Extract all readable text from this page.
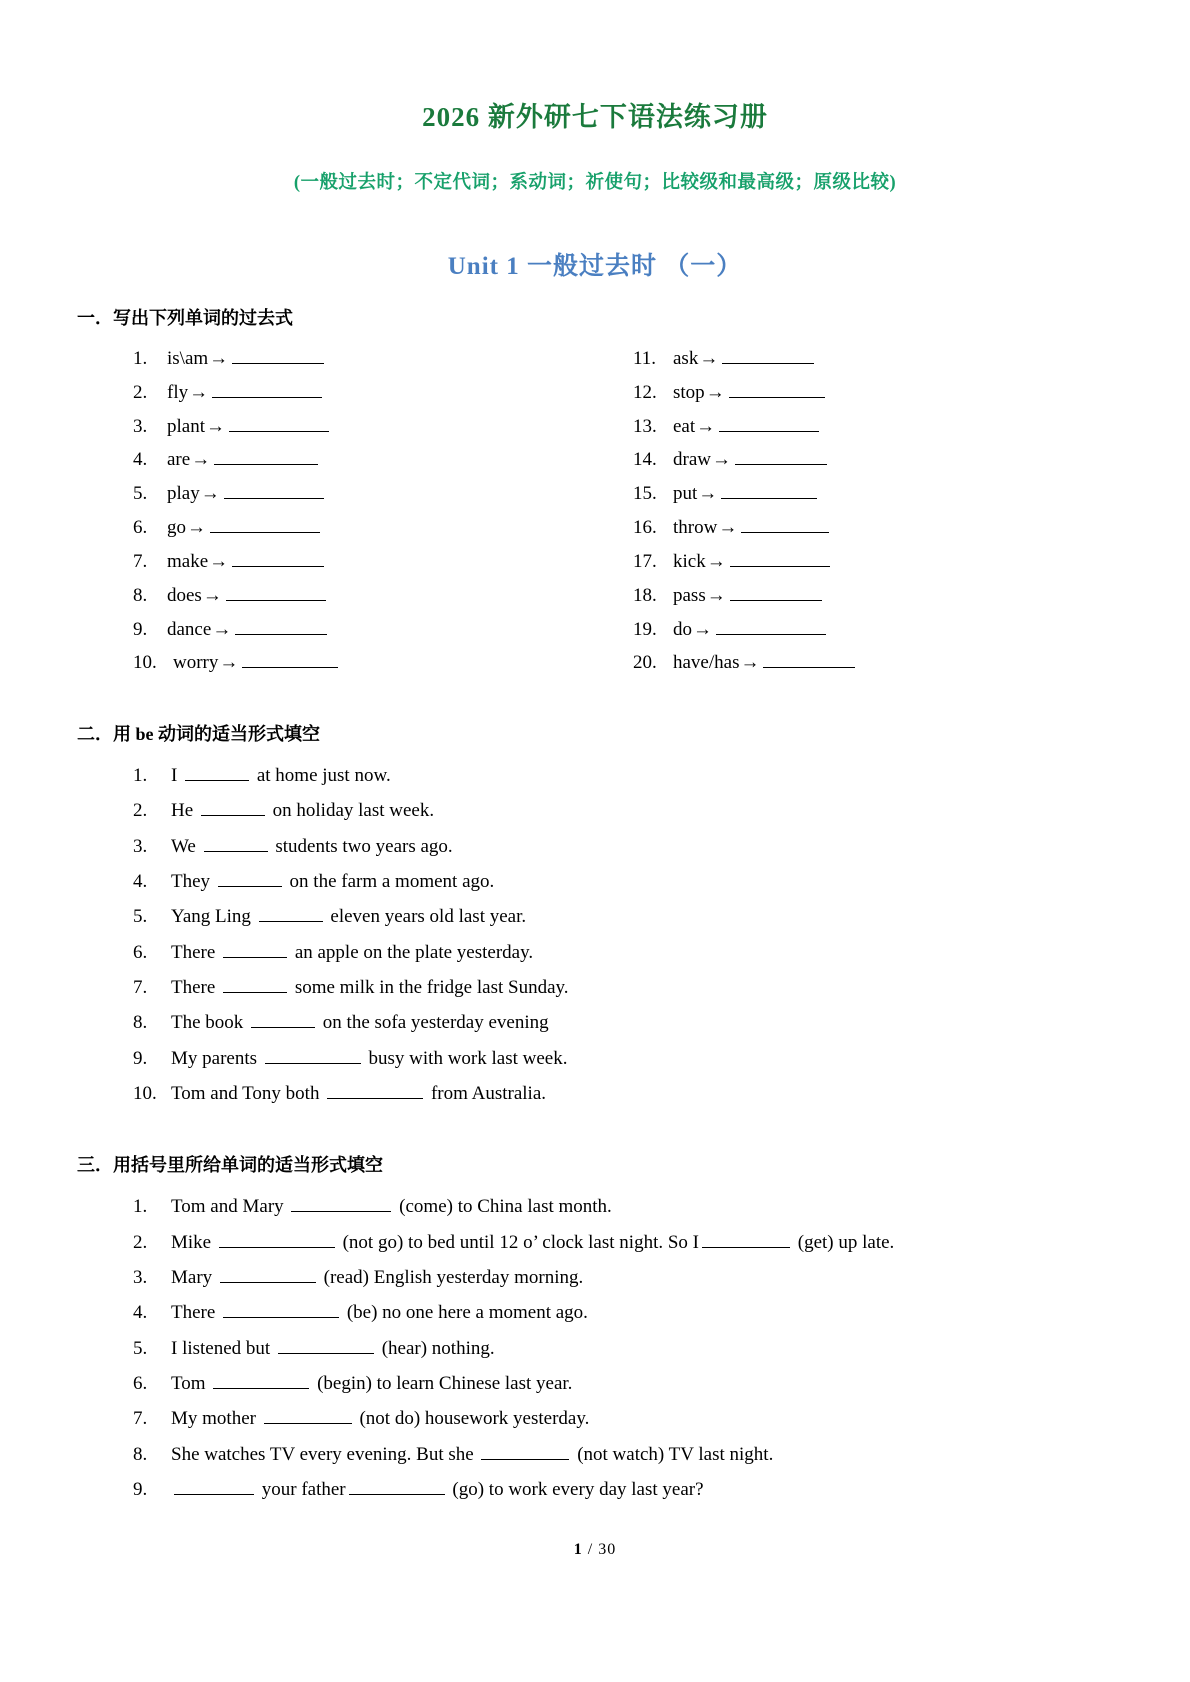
2026 新外研七下语法练习册
(一般过去时；不定代词；系动词；祈使句；比较级和最高级；原级比较)
Unit 1 一般过去时 （一）
一．写出下列单词的过去式
1.	is\am →
2.	fly →
3.	plant →
4.	are →
5.	play →
6.	go →
7.	make →
8.	does →
9.	dance →
10. worry →
11. ask →
12. stop →
13. eat →
14. draw →
15. put →
16. throw →
17. kick →
18. pass →
19. do →
20. have/has →
二．用 be 动词的适当形式填空
1.	I	at home just now.
2.	He	on holiday last week.
3.	We	students two years ago.
4.	They	on the farm a moment ago.
5.	Yang Ling	eleven years old last year.
6.	There	an apple on the plate yesterday.
7.	There	some milk in the fridge last Sunday.
8.	The book	on the sofa yesterday evening
9.	My parents	busy with work last week.
10. Tom and Tony both	from Australia.
三．用括号里所给单词的适当形式填空
1.	Tom and Mary	(come) to China last month.
2.	Mike	(not go) to bed until 12 o’ clock last night. So I	(get) up late.
3.	Mary	(read) English yesterday morning.
4.	There	(be) no one here a moment ago.
5.	I listened but	(hear) nothing.
6.	Tom	(begin) to learn Chinese last year.
7.	My mother	(not do) housework yesterday.
8.	She watches TV every evening. But she	(not watch) TV last night.
9.	your father	(go) to work every day last year?
1 / 30
